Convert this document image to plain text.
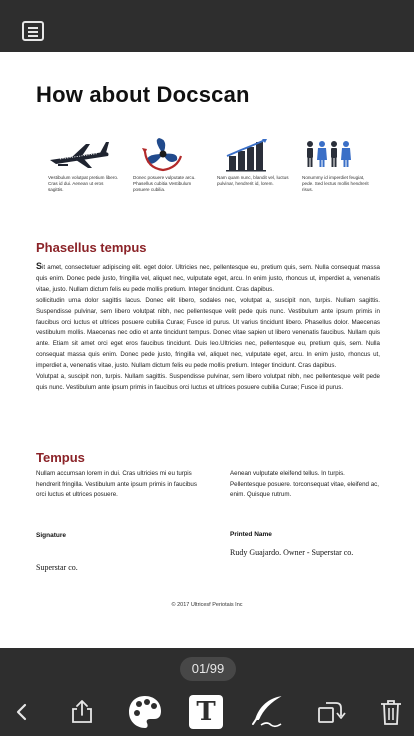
How about Docscan
Vestibulum volutpat pretium libero. Cras id dui. Aenean ut eros sagittis.
Donec posuere vulputate arcu. Phasellus cubitia Vestibulum posuere cubilia.
Nam quam nunc, blandit vel, luctus pulvinar, hendrerit id, lorem.
Nonummy id imperdiet feugiat, pede. Sed lectus mollis hendrerit risus.
Phasellus tempus
Sit amet, consectetuer adipiscing elit. eget dolor. Ultricies nec, pellentesque eu, pretium quis, sem. Nulla consequat massa quis enim. Donec pede justo, fringilla vel, aliquet nec, vulputate eget, arcu. In enim justo, rhoncus ut, imperdiet a, venenatis vitae, justo. Nullam dictum felis eu pede mollis pretium. Integer tincidunt. Cras dapibus.
sollicitudin urna dolor sagittis lacus. Donec elit libero, sodales nec, volutpat a, suscipit non, turpis. Nullam sagittis. Suspendisse pulvinar, sem libero volutpat nibh, nec pellentesque velit pede quis nunc. Vestibulum ante ipsum primis in faucibus orci luctus et ultrices posuere cubilia Curae; Fusce id purus. Ut varius tincidunt libero. Phasellus dolor. Maecenas vestibulum mollis. Maecenas nec odio et ante tincidunt tempus. Donec vitae sapien ut libero venenatis faucibus. Nullam quis ante. Etiam sit amet orci eget eros faucibus tincidunt. Duis leo.Ultricies nec, pellentesque eu, pretium quis, sem. Nulla consequat massa quis enim. Donec pede justo, fringilla vel, aliquet nec, vulputate eget, arcu. In enim justo, rhoncus ut, imperdiet a, venenatis vitae, justo. Nullam dictum felis eu pede mollis pretium. Integer tincidunt. Cras dapibus.
Volutpat a, suscipit non, turpis. Nullam sagittis. Suspendisse pulvinar, sem libero volutpat nibh, nec pellentesque velit pede quis nunc. Vestibulum ante ipsum primis in faucibus orci luctus et ultrices posuere cubilia Curae; Fusce id purus.
Tempus
Nullam accumsan lorem in dui. Cras ultricies mi eu turpis hendrerit fringilla. Vestibulum ante ipsum primis in faucibus orci luctus et ultrices posuere.
Aenean vulputate eleifend tellus. In turpis. Pellentesque posuere. torconsequat vitae, eleifend ac, enim. Quisque rutrum.
Signature	Printed Name
Rudy Guajardo. Owner - Superstar co.
Superstar co.
© 2017 Ultricesf Periotais Inc
01/99
T
